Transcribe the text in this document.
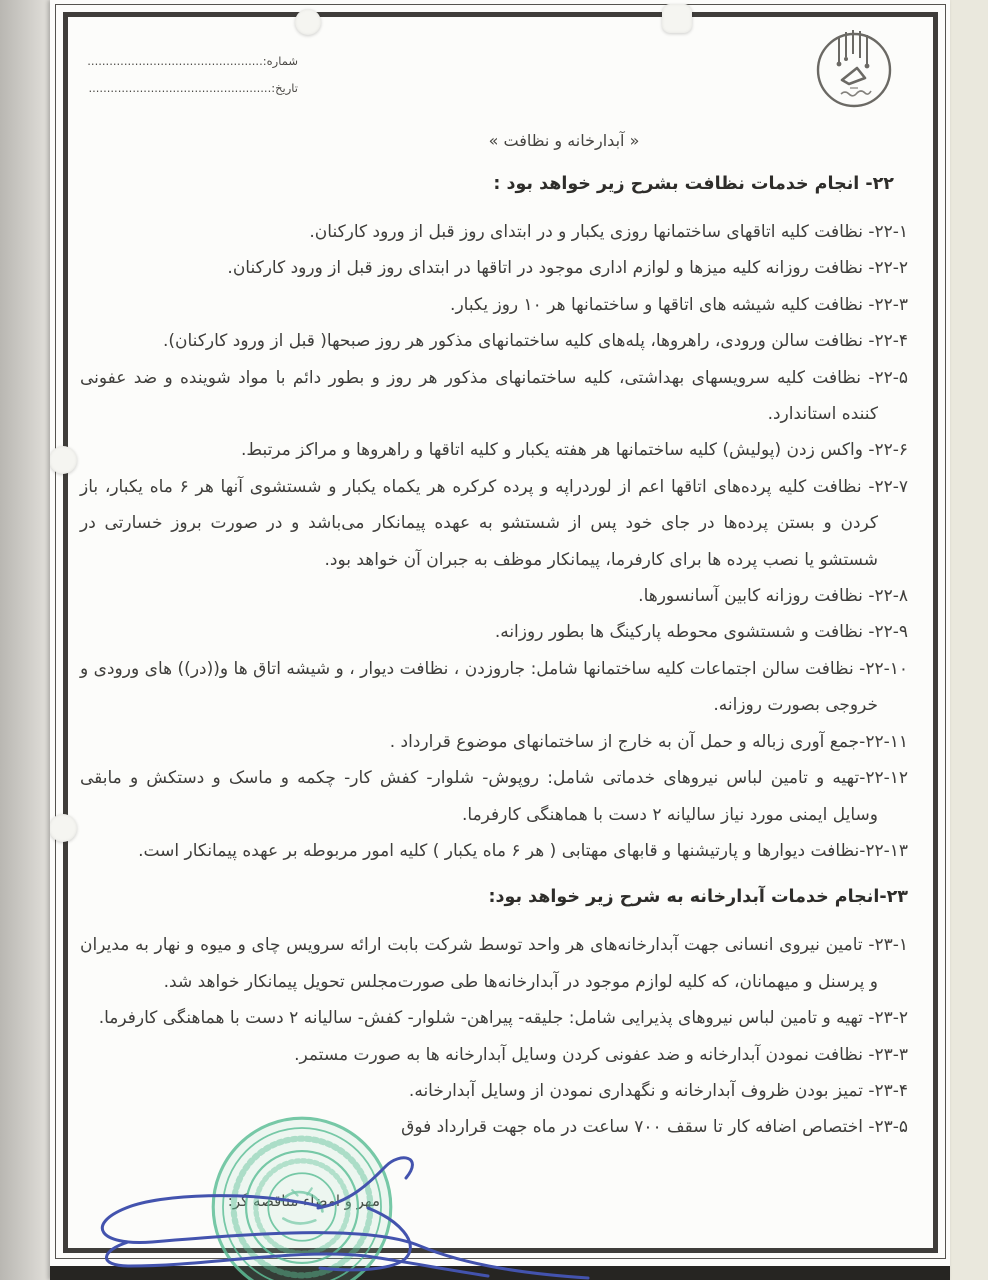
شماره:................................................
تاریخ:..................................................
« آبدارخانه و نظافت »
۲۲- انجام خدمات نظافت بشرح زیر خواهد بود :

۲۲-۱- نظافت کلیه اتاقهای ساختمانها روزی یکبار و در ابتدای روز قبل از ورود کارکنان.

۲۲-۲- نظافت روزانه کلیه میزها و لوازم اداری موجود در اتاقها در ابتدای روز قبل از ورود کارکنان.

۲۲-۳- نظافت کلیه شیشه های اتاقها و ساختمانها هر ۱۰ روز یکبار.

۲۲-۴- نظافت سالن ورودی، راهروها، پله‌های کلیه ساختمانهای مذکور هر روز صبحها( قبل از ورود کارکنان).

۲۲-۵- نظافت کلیه سرویسهای بهداشتی، کلیه ساختمانهای مذکور هر روز و بطور دائم با مواد شوینده و ضد عفونی کننده استاندارد.

۲۲-۶- واکس زدن (پولیش) کلیه ساختمانها هر هفته یکبار و کلیه اتاقها و راهروها و مراکز مرتبط.

۲۲-۷- نظافت کلیه پرده‌های اتاقها اعم از لوردراپه و پرده کرکره هر یکماه یکبار و شستشوی آنها هر ۶ ماه یکبار، باز کردن و بستن پرده‌ها در جای خود پس از شستشو به عهده پیمانکار می‌باشد و در صورت بروز خسارتی در شستشو یا نصب پرده ها برای کارفرما، پیمانکار موظف به جبران آن خواهد بود.

۲۲-۸- نظافت روزانه کابین آسانسورها.

۲۲-۹- نظافت و شستشوی محوطه پارکینگ ها بطور روزانه.

۲۲-۱۰- نظافت سالن اجتماعات کلیه ساختمانها شامل: جاروزدن ، نظافت دیوار ، و شیشه اتاق ها و((در)) های ورودی و خروجی بصورت روزانه.

۲۲-۱۱-جمع آوری زباله و حمل آن به خارج از ساختمانهای موضوع قرارداد .

۲۲-۱۲-تهیه و تامین لباس نیروهای خدماتی شامل: روپوش- شلوار- کفش کار- چکمه و ماسک و دستکش و مابقی وسایل ایمنی مورد نیاز سالیانه ۲ دست با هماهنگی کارفرما.

۲۲-۱۳-نظافت دیوارها و پارتیشنها و قابهای مهتابی ( هر ۶ ماه یکبار ) کلیه امور مربوطه بر عهده پیمانکار است.

۲۳-انجام خدمات آبدارخانه به شرح زیر خواهد بود:

۲۳-۱- تامین نیروی انسانی جهت آبدارخانه‌های هر واحد توسط شرکت بابت ارائه سرویس چای و میوه و نهار به مدیران و پرسنل و میهمانان، که کلیه لوازم موجود در آبدارخانه‌ها طی صورت‌مجلس تحویل پیمانکار خواهد شد.

۲۳-۲- تهیه و تامین لباس نیروهای پذیرایی شامل: جلیقه- پیراهن- شلوار- کفش- سالیانه ۲ دست با هماهنگی کارفرما.

۲۳-۳- نظافت نمودن آبدارخانه و ضد عفونی کردن وسایل آبدارخانه ها به صورت مستمر.

۲۳-۴- تمیز بودن ظروف آبدارخانه و نگهداری نمودن از وسایل آبدارخانه.

۲۳-۵- اختصاص اضافه کار تا سقف ۷۰۰ ساعت در ماه جهت قرارداد فوق
